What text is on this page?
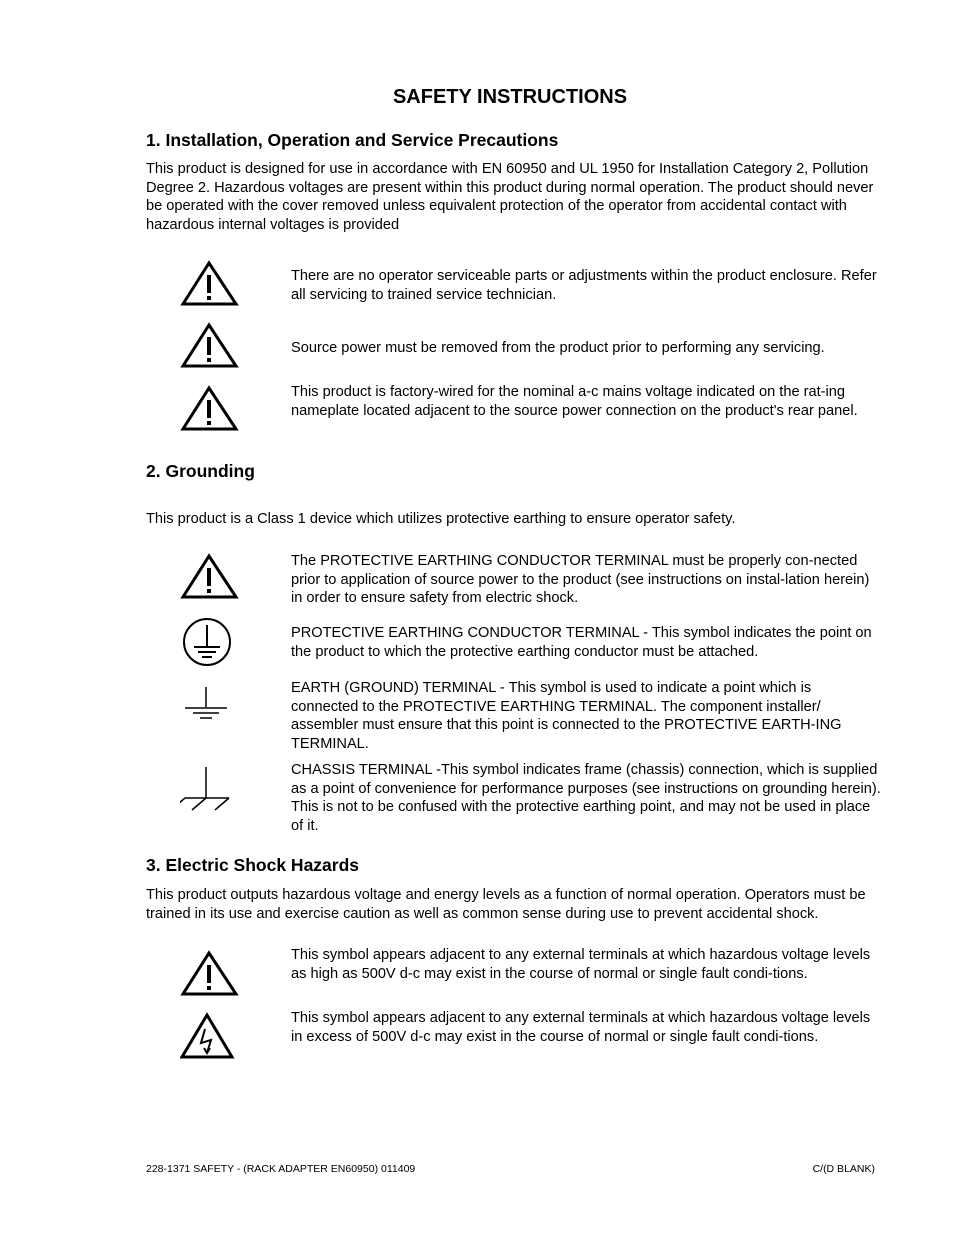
SAFETY INSTRUCTIONS
1. Installation, Operation and Service Precautions
This product is designed for use in accordance with EN 60950 and UL 1950 for Installation Category 2, Pollution Degree 2. Hazardous voltages are present within this product during normal operation. The product should never be operated with the cover removed unless equivalent protection of the operator from accidental contact with hazardous internal voltages is provided
There are no operator serviceable parts or adjustments within the product enclosure. Refer all servicing to trained service technician.
Source power must be removed from the product prior to performing any servicing.
This product is factory-wired for the nominal a-c mains voltage indicated on the rat-ing nameplate located adjacent to the source power connection on the product's rear panel.
2. Grounding
This product is a Class 1 device which utilizes protective earthing to ensure operator safety.
The PROTECTIVE EARTHING CONDUCTOR TERMINAL must be properly con-nected prior to application of source power to the product (see instructions on instal-lation herein) in order to ensure safety from electric shock.
PROTECTIVE EARTHING CONDUCTOR TERMINAL - This symbol indicates the point on the product to which the protective earthing conductor must be attached.
EARTH (GROUND) TERMINAL - This symbol is used to indicate a point which is connected to the PROTECTIVE EARTHING TERMINAL. The component installer/ assembler must ensure that this point is connected to the PROTECTIVE EARTH-ING TERMINAL.
CHASSIS TERMINAL -This symbol indicates frame (chassis) connection, which is supplied as a point of convenience for performance purposes (see instructions on grounding herein). This is not to be confused with the protective earthing point, and may not be used in place of it.
3. Electric Shock Hazards
This product outputs hazardous voltage and energy levels as a function of normal operation. Operators must be trained in its use and exercise caution as well as common sense during use to prevent accidental shock.
This symbol appears adjacent to any external terminals at which hazardous voltage levels as high as 500V d-c may exist in the course of normal or single fault condi-tions.
This symbol appears adjacent to any external terminals at which hazardous voltage levels in excess of 500V d-c may exist in the course of normal or single fault condi-tions.
228-1371 SAFETY - (RACK ADAPTER EN60950) 011409	C/(D BLANK)
